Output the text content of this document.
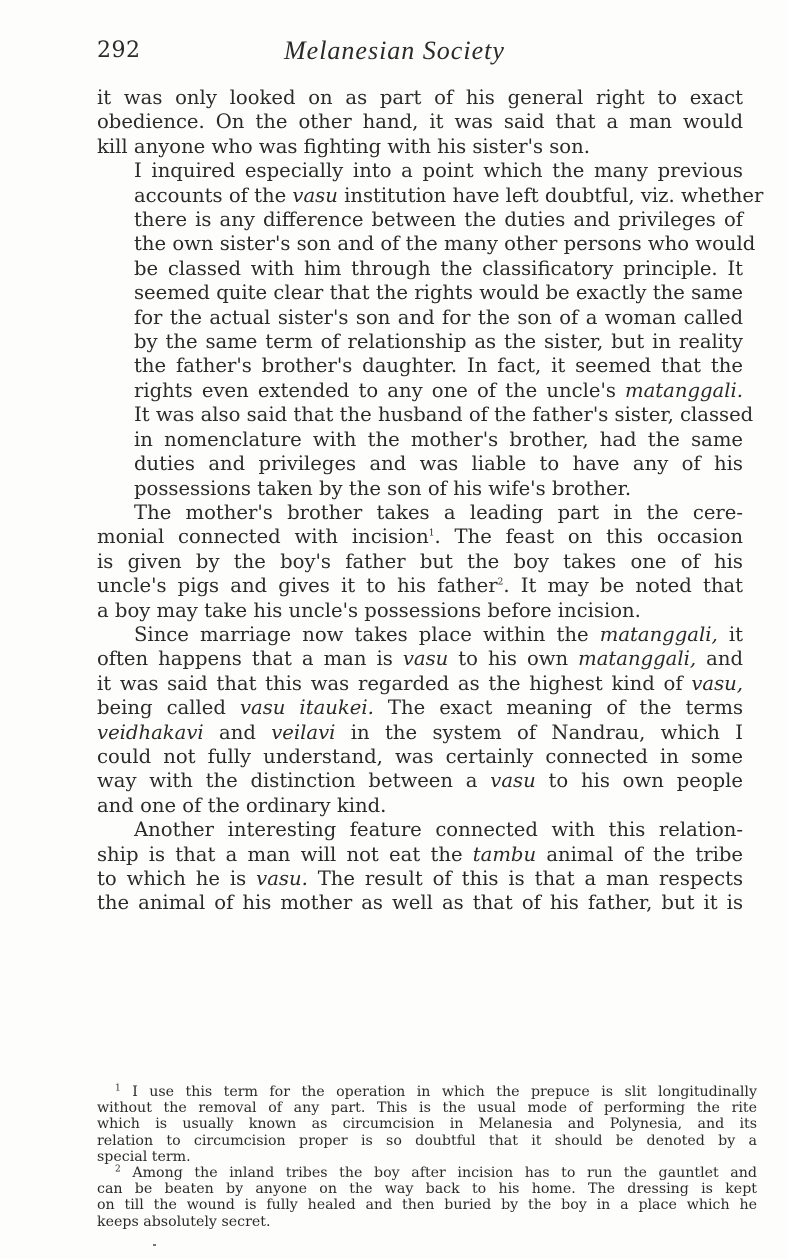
292	Melanesian Society

it was only looked on as part of his general right to exact
obedience. On the other hand, it was said that a man would
kill anyone who was fighting with his sister's son.

I inquired especially into a point which the many previous
accounts of the vasu institution have left doubtful, viz. whether
there is any difference between the duties and privileges of
the own sister's son and of the many other persons who would
be classed with him through the classificatory principle. It
seemed quite clear that the rights would be exactly the same
for the actual sister's son and for the son of a woman called
by the same term of relationship as the sister, but in reality
the father's brother's daughter. In fact, it seemed that the
rights even extended to any one of the uncle's matanggali.
It was also said that the husband of the father's sister, classed
in nomenclature with the mother's brother, had the same
duties and privileges and was liable to have any of his
possessions taken by the son of his wife's brother.

The mother's brother takes a leading part in the cere-
monial connected with incision$^1$. The feast on this occasion
is given by the boy's father but the boy takes one of his
uncle's pigs and gives it to his father$^2$. It may be noted that
a boy may take his uncle's possessions before incision.

Since marriage now takes place within the matanggali, it
often happens that a man is vasu to his own matanggali, and
it was said that this was regarded as the highest kind of vasu,
being called vasu itaukei. The exact meaning of the terms
veidhakavi and veilavi in the system of Nandrau, which I
could not fully understand, was certainly connected in some
way with the distinction between a vasu to his own people
and one of the ordinary kind.

Another interesting feature connected with this relation-
ship is that a man will not eat the tambu animal of the tribe
to which he is vasu. The result of this is that a man respects
the animal of his mother as well as that of his father, but it is

$^1$ I use this term for the operation in which the prepuce is slit longitudinally
without the removal of any part. This is the usual mode of performing the rite
which is usually known as circumcision in Melanesia and Polynesia, and its
relation to circumcision proper is so doubtful that it should be denoted by a
special term.

$^2$ Among the inland tribes the boy after incision has to run the gauntlet and
can be beaten by anyone on the way back to his home. The dressing is kept
on till the wound is fully healed and then buried by the boy in a place which he
keeps absolutely secret.
